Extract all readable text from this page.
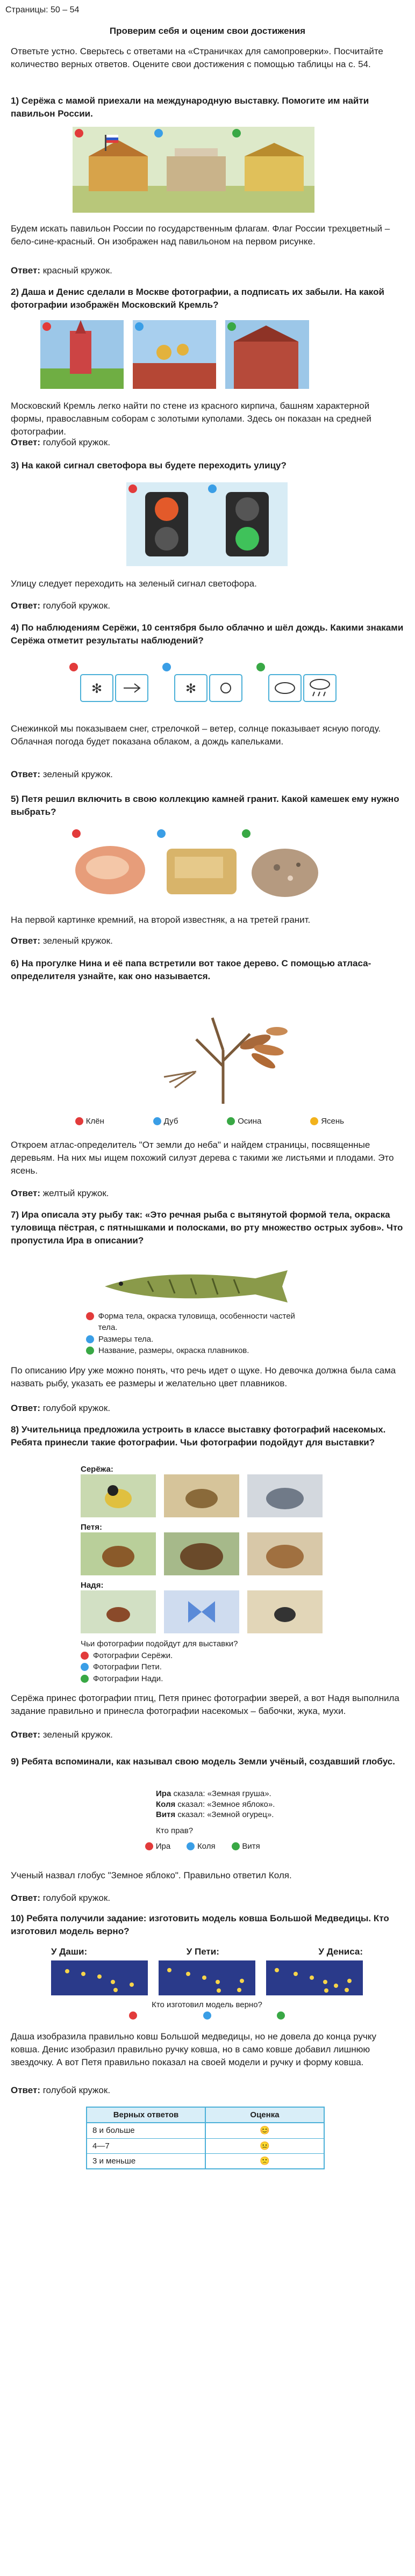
Страницы: 50 – 54
Проверим себя и оценим свои достижения
Ответьте устно. Сверьтесь с ответами на «Страничках для самопроверки». Посчитайте количество верных ответов. Оцените свои достижения с помощью таблицы на с. 54.
1) Серёжа с мамой приехали на международную выставку. Помогите им найти павильон России.
Будем искать павильон России по государственным флагам. Флаг России трехцветный – бело-сине-красный. Он изображен над павильоном на первом рисунке.
Ответ: красный кружок.
2) Даша и Денис сделали в Москве фотографии, а подписать их забыли. На какой фотографии изображён Московский Кремль?
Московский Кремль легко найти по стене из красного кирпича, башням характерной формы, православным соборам с золотыми куполами. Здесь он показан на средней фотографии.
Ответ: голубой кружок.
3) На какой сигнал светофора вы будете переходить улицу?
Улицу следует переходить на зеленый сигнал светофора.
Ответ: голубой кружок.
4) По наблюдениям Серёжи, 10 сентября было облачно и шёл дождь. Какими знаками Серёжа отметит результаты наблюдений?
✻	✻
Снежинкой мы показываем снег, стрелочкой – ветер, солнце показывает ясную погоду. Облачная погода будет показана облаком, а дождь капельками.
Ответ: зеленый кружок.
5) Петя решил включить в свою коллекцию камней гранит. Какой камешек ему нужно выбрать?
На первой картинке кремний, на второй известняк, а на третей гранит.
Ответ: зеленый кружок.
6) На прогулке Нина и её папа встретили вот такое дерево. С помощью атласа-определителя узнайте, как оно называется.
Клён	Дуб	Осина	Ясень
Откроем атлас-определитель "От земли до неба" и найдем страницы, посвященные деревьям. На них мы ищем похожий силуэт дерева с такими же листьями и плодами. Это ясень.
Ответ: желтый кружок.
7) Ира описала эту рыбу так: «Это речная рыба с вытянутой формой тела, окраска туловища пёстрая, с пятнышками и полосками, во рту множество острых зубов». Что пропустила Ира в описании?
Форма тела, окраска туловища, особенности частей тела.
Размеры тела.
Название, размеры, окраска плавников.
По описанию Иру уже можно понять, что речь идет о щуке. Но девочка должна была сама назвать рыбу, указать ее размеры и желательно цвет плавников.
Ответ: голубой кружок.
8) Учительница предложила устроить в классе выставку фотографий насекомых. Ребята принесли такие фотографии. Чьи фотографии подойдут для выставки?
Серёжа:
Петя:
Надя:
Чьи фотографии подойдут для выставки?
Фотографии Серёжи.
Фотографии Пети.
Фотографии Нади.
Серёжа принес фотографии птиц, Петя принес фотографии зверей, а вот Надя выполнила задание правильно и принесла фотографии насекомых – бабочки, жука, мухи.
Ответ: зеленый кружок.
9) Ребята вспоминали, как называл свою модель Земли учёный, создавший глобус.
Ира сказала: «Земная груша».
Коля сказал: «Земное яблоко».
Витя сказал: «Земной огурец».
Кто прав?
Ира	Коля	Витя
Ученый назвал глобус "Земное яблоко". Правильно ответил Коля.
Ответ: голубой кружок.
10) Ребята получили задание: изготовить модель ковша Большой Медведицы. Кто изготовил модель верно?
У Даши:	У Пети:	У Дениса:
Кто изготовил модель верно?
Даша изобразила правильно ковш Большой медведицы, но не довела до конца ручку ковша. Денис изобразил правильно ручку ковша, но в само ковше добавил лишнюю звездочку. А вот Петя правильно показал на своей модели и ручку и форму ковша.
Ответ: голубой кружок.
Верных ответов	Оценка
8 и больше	😊
4—7	😐
3 и меньше	🙁
